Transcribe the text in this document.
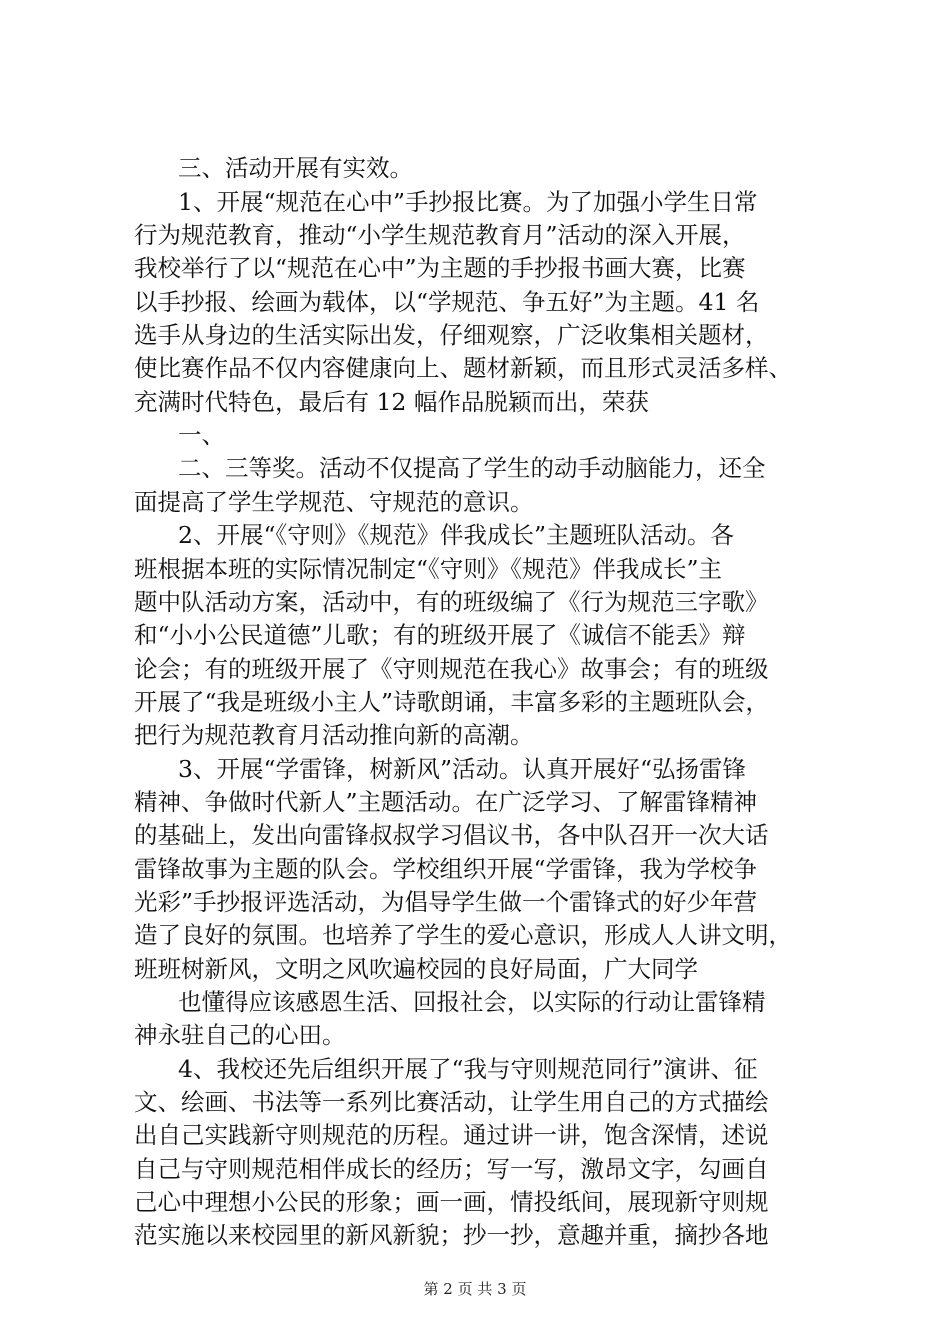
三、活动开展有实效。
1、开展“规范在心中”手抄报比赛。为了加强小学生日常
行为规范教育，推动“小学生规范教育月”活动的深入开展，
我校举行了以“规范在心中”为主题的手抄报书画大赛，比赛
以手抄报、绘画为载体，以“学规范、争五好”为主题。41 名
选手从身边的生活实际出发，仔细观察，广泛收集相关题材，
使比赛作品不仅内容健康向上、题材新颖，而且形式灵活多样、
充满时代特色，最后有 12 幅作品脱颖而出，荣获
一、
二、三等奖。活动不仅提高了学生的动手动脑能力，还全
面提高了学生学规范、守规范的意识。
2、开展“《守则》《规范》伴我成长”主题班队活动。各
班根据本班的实际情况制定“《守则》《规范》伴我成长”主
题中队活动方案，活动中，有的班级编了《行为规范三字歌》
和“小小公民道德”儿歌；有的班级开展了《诚信不能丢》辩
论会；有的班级开展了《守则规范在我心》故事会；有的班级
开展了“我是班级小主人”诗歌朗诵，丰富多彩的主题班队会，
把行为规范教育月活动推向新的高潮。
3、开展“学雷锋，树新风”活动。认真开展好“弘扬雷锋
精神、争做时代新人”主题活动。在广泛学习、了解雷锋精神
的基础上，发出向雷锋叔叔学习倡议书，各中队召开一次大话
雷锋故事为主题的队会。学校组织开展“学雷锋，我为学校争
光彩”手抄报评选活动，为倡导学生做一个雷锋式的好少年营
造了良好的氛围。也培养了学生的爱心意识，形成人人讲文明，
班班树新风，文明之风吹遍校园的良好局面，广大同学
也懂得应该感恩生活、回报社会，以实际的行动让雷锋精
神永驻自己的心田。
4、我校还先后组织开展了“我与守则规范同行”演讲、征
文、绘画、书法等一系列比赛活动，让学生用自己的方式描绘
出自己实践新守则规范的历程。通过讲一讲，饱含深情，述说
自己与守则规范相伴成长的经历；写一写，激昂文字，勾画自
己心中理想小公民的形象；画一画，情投纸间，展现新守则规
范实施以来校园里的新风新貌；抄一抄，意趣并重，摘抄各地
第 2 页 共 3 页
